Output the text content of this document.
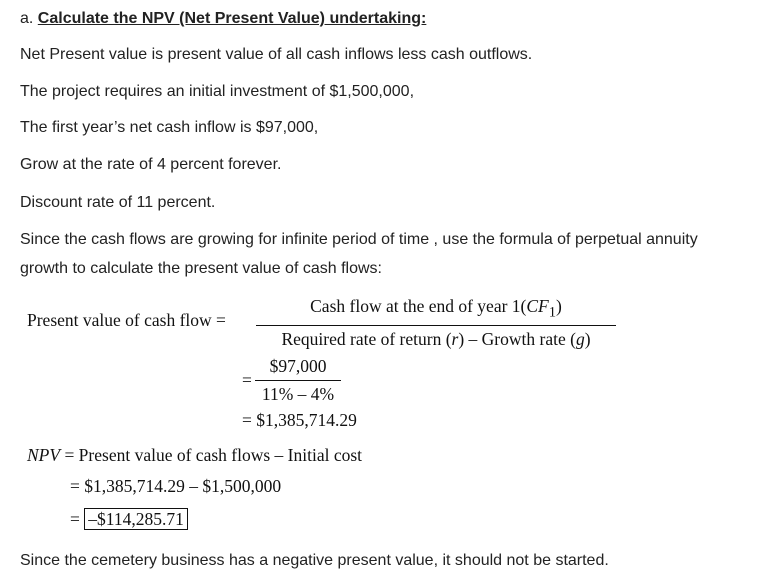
a. Calculate the NPV (Net Present Value) undertaking:

Net Present value is present value of all cash inflows less cash outflows.

The project requires an initial investment of $1,500,000,

The first year’s net cash inflow is $97,000,

Grow at the rate of 4 percent forever.

Discount rate of 11 percent.

Since the cash flows are growing for infinite period of time , use the formula of perpetual annuity

growth to calculate the present value of cash flows:

Present value of cash flow =
Cash flow at the end of year $1(CF_1)$
Required rate of return (r) – Growth rate (g)
= $\frac{\$97,000}{11\% - 4\%}$
= $1,385,714.29
NPV = Present value of cash flows – Initial cost
= $1,385,714.29 – $1,500,000
= –$114,285.71

Since the cemetery business has a negative present value, it should not be started.
